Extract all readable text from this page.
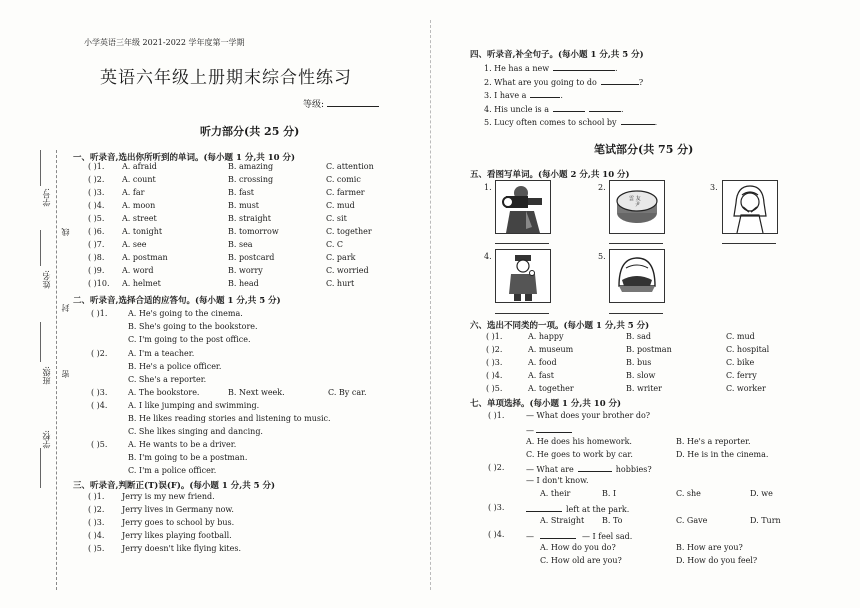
小学英语三年级 2021-2022 学年度第一学期
英语六年级上册期末综合性练习
等级:
学号:
线
姓名:
封
班级: 密
学校:
听力部分(共 25 分)
一、听录音,选出你所听到的单词。(每小题 1 分,共 10 分)
( )1. A. afraid	B. amazing	C. attention
( )2. A. count	B. crossing	C. comic
( )3. A. far	B. fast	C. farmer
( )4. A. moon	B. must	C. mud
( )5. A. street	B. straight	C. sit
( )6. A. tonight	B. tomorrow	C. together
( )7. A. see	B. sea	C. C
( )8. A. postman	B. postcard	C. park
( )9. A. word	B. worry	C. worried
( )10. A. helmet	B. head	C. hurt
二、听录音,选择合适的应答句。(每小题 1 分,共 5 分)
( )1.	A. He's going to the cinema.
B. She's going to the bookstore.
C. I'm going to the post office.
( )2.	A. I'm a teacher.
B. He's a police officer.
C. She's a reporter.
( )3.	A. The bookstore.	B. Next week.	C. By car.
( )4.	A. I like jumping and swimming.
B. He likes reading stories and listening to music.
C. She likes singing and dancing.
( )5.	A. He wants to be a driver.
B. I'm going to be a postman.
C. I'm a police officer.
三、听录音,判断正(T)误(F)。(每小题 1 分,共 5 分)
( )1. Jerry is my new friend.
( )2. Jerry lives in Germany now.
( )3. Jerry goes to school by bus.
( )4. Jerry likes playing football.
( )5. Jerry doesn't like flying kites.
四、听录音,补全句子。(每小题 1 分,共 5 分)
1. He has a new	.
2. What are you going to do	?
3. I have a	.
4. His uncle is a	.
5. Lucy often comes to school by	.
笔试部分(共 75 分)
五、看图写单词。(每小题 2 分,共 10 分)
1.	2.	3.
4.	5.
雲 友
尹
六、选出不同类的一项。(每小题 1 分,共 5 分)
( )1.	A. happy	B. sad	C. mud
( )2.	A. museum	B. postman	C. hospital
( )3.	A. food	B. bus	C. bike
( )4.	A. fast	B. slow	C. ferry
( )5.	A. together	B. writer	C. worker
七、单项选择。(每小题 1 分,共 10 分)
( )1.	— What does your brother do?
—
A. He does his homework.	B. He's a reporter.
C. He goes to work by car.	D. He is in the cinema.
( )2.	— What are	hobbies?
— I don't know.
A. their	B. I	C. she	D. we
( )3.	left at the park.
A. Straight B. To	C. Gave	D. Turn
( )4.	—	— I feel sad.
A. How do you do?	B. How are you?
C. How old are you?	D. How do you feel?
